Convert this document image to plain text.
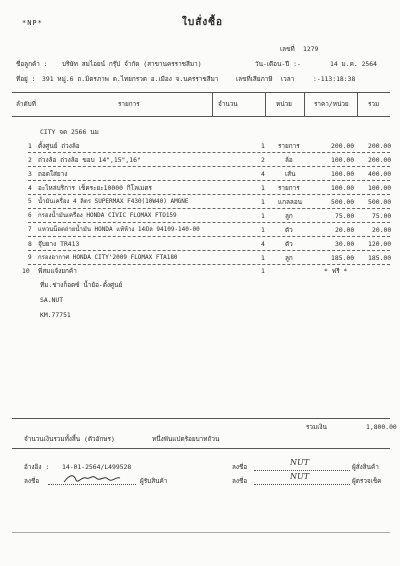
*NP*	ใบสั่งซื้อ
เลขที่ 1279
ชื่อลูกค้า : บริษัท สมไอยน์ กรุ๊ป จำกัด (สาขานครราชสีมา)	วัน-เดือน-ปี :-	14 ม.ค. 2564
ที่อยู่ : 391 หมู่.6 ถ.มิตรภาพ ต.ไทยกรวด อ.เมือง จ.นครราชสีมา	เลขที่เสียภาษี เวลา	:-113:18:38
ลำดับที่	รายการ	จำนวน	หน่วย	ราคา/หน่วย	รวม
CITY จด 2566 นม
1 ตั้งศูนย์ ถ่วงล้อ	1 รายการ	200.00 200.00
2 ถ่วงล้อ ถ่วงล้อ ขอบ 14",15",16"	2	ล้อ	100.00 200.00
3 ถอดใส่ยาง	4	เส้น	100.00 400.00
4 อะไหล่บริการ เช็คระยะ10000 กิโลเมตร	1 รายการ	100.00 100.00
5 น้ำมันเครื่อง 4 ลิตร SUPERMAX F430(10W40) AMGNE	1 แกลลอน	500.00 500.00
6 กรองน้ำมันเครื่อง HONDA CIVIC FLOMAX FTO159	1	ลูก	75.00	75.00
7 แหวนน็อตถ่ายน้ำมัน HONDA แท้ห้าง 14มิล 94109-140-00	1	ตัว	20.00	20.00
8 จุ๊บยาง TR413	4	ตัว	30.00 120.00
9 กรองอากาศ HONDA CITY'2009 FLOMAX FTA180	1	ลูก	185.00 185.00
10 พี่สมแจ้งยกค้า	1	* ฟรี *
ที่ม.ช่างก็อตซ์ น้ำย้อ-ตั้งศูนย์
SA.NUT
KM.77751
รวมเงิน	1,800.00
จำนวนเงินรวมทั้งสิ้น (ตัวอักษร)	หนึ่งพันแปดร้อยบาทถ้วน
อ้างอิง : 14-01-2564/L499528
ลงชื่อ	ผู้รับสินค้า
ลงชื่อ	NUT	ผู้สั่งสินค้า
ลงชื่อ	NUT	ผู้ตรวจเช็ค
